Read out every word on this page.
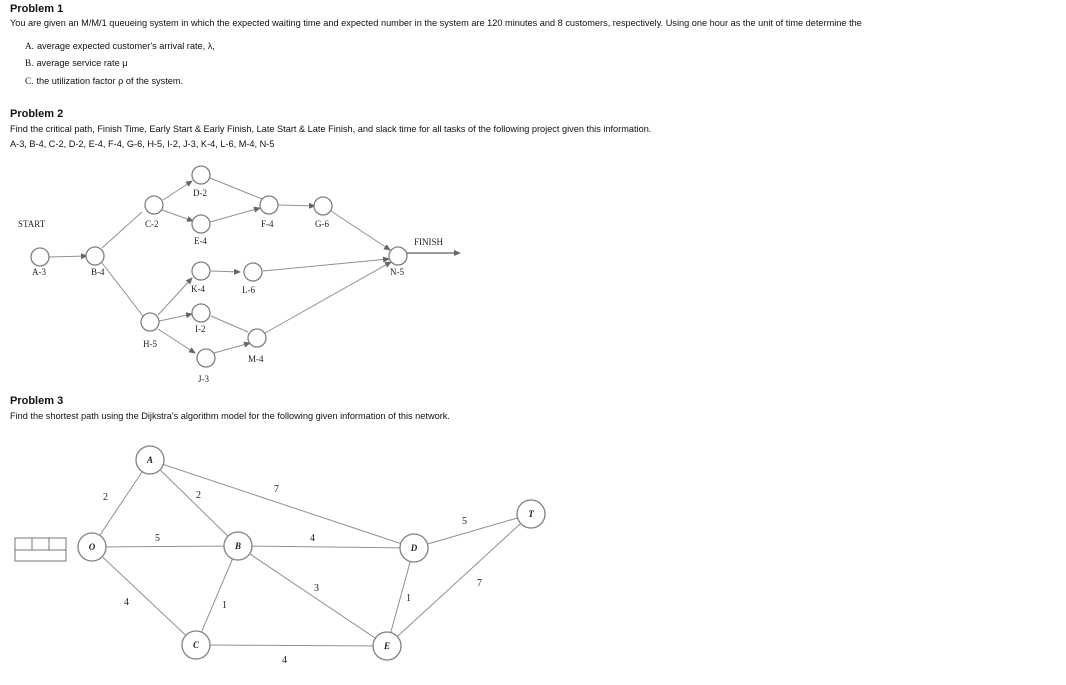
Problem 1
You are given an M/M/1 queueing system in which the expected waiting time and expected number in the system are 120 minutes and 8 customers, respectively. Using one hour as the unit of time determine the
A. average expected customer's arrival rate, λ,
B. average service rate μ
C. the utilization factor ρ of the system.
Problem 2
Find the critical path, Finish Time, Early Start & Early Finish, Late Start & Late Finish, and slack time for all tasks of the following project given this information.
A-3, B-4, C-2, D-2, E-4, F-4, G-6, H-5, I-2, J-3, K-4, L-6, M-4, N-5
Problem 3
Find the shortest path using the Dijkstra's algorithm model for the following given information of this network.
START
FINISH
A-3	B-4
C-2
D-2
E-4
F-4	G-6
H-5
I-2
J-3
K-4	L-6
M-4
N-5
2
5
4
2
7
4
1
3
4
1
5
7
A
O	B
C
D
E
T
